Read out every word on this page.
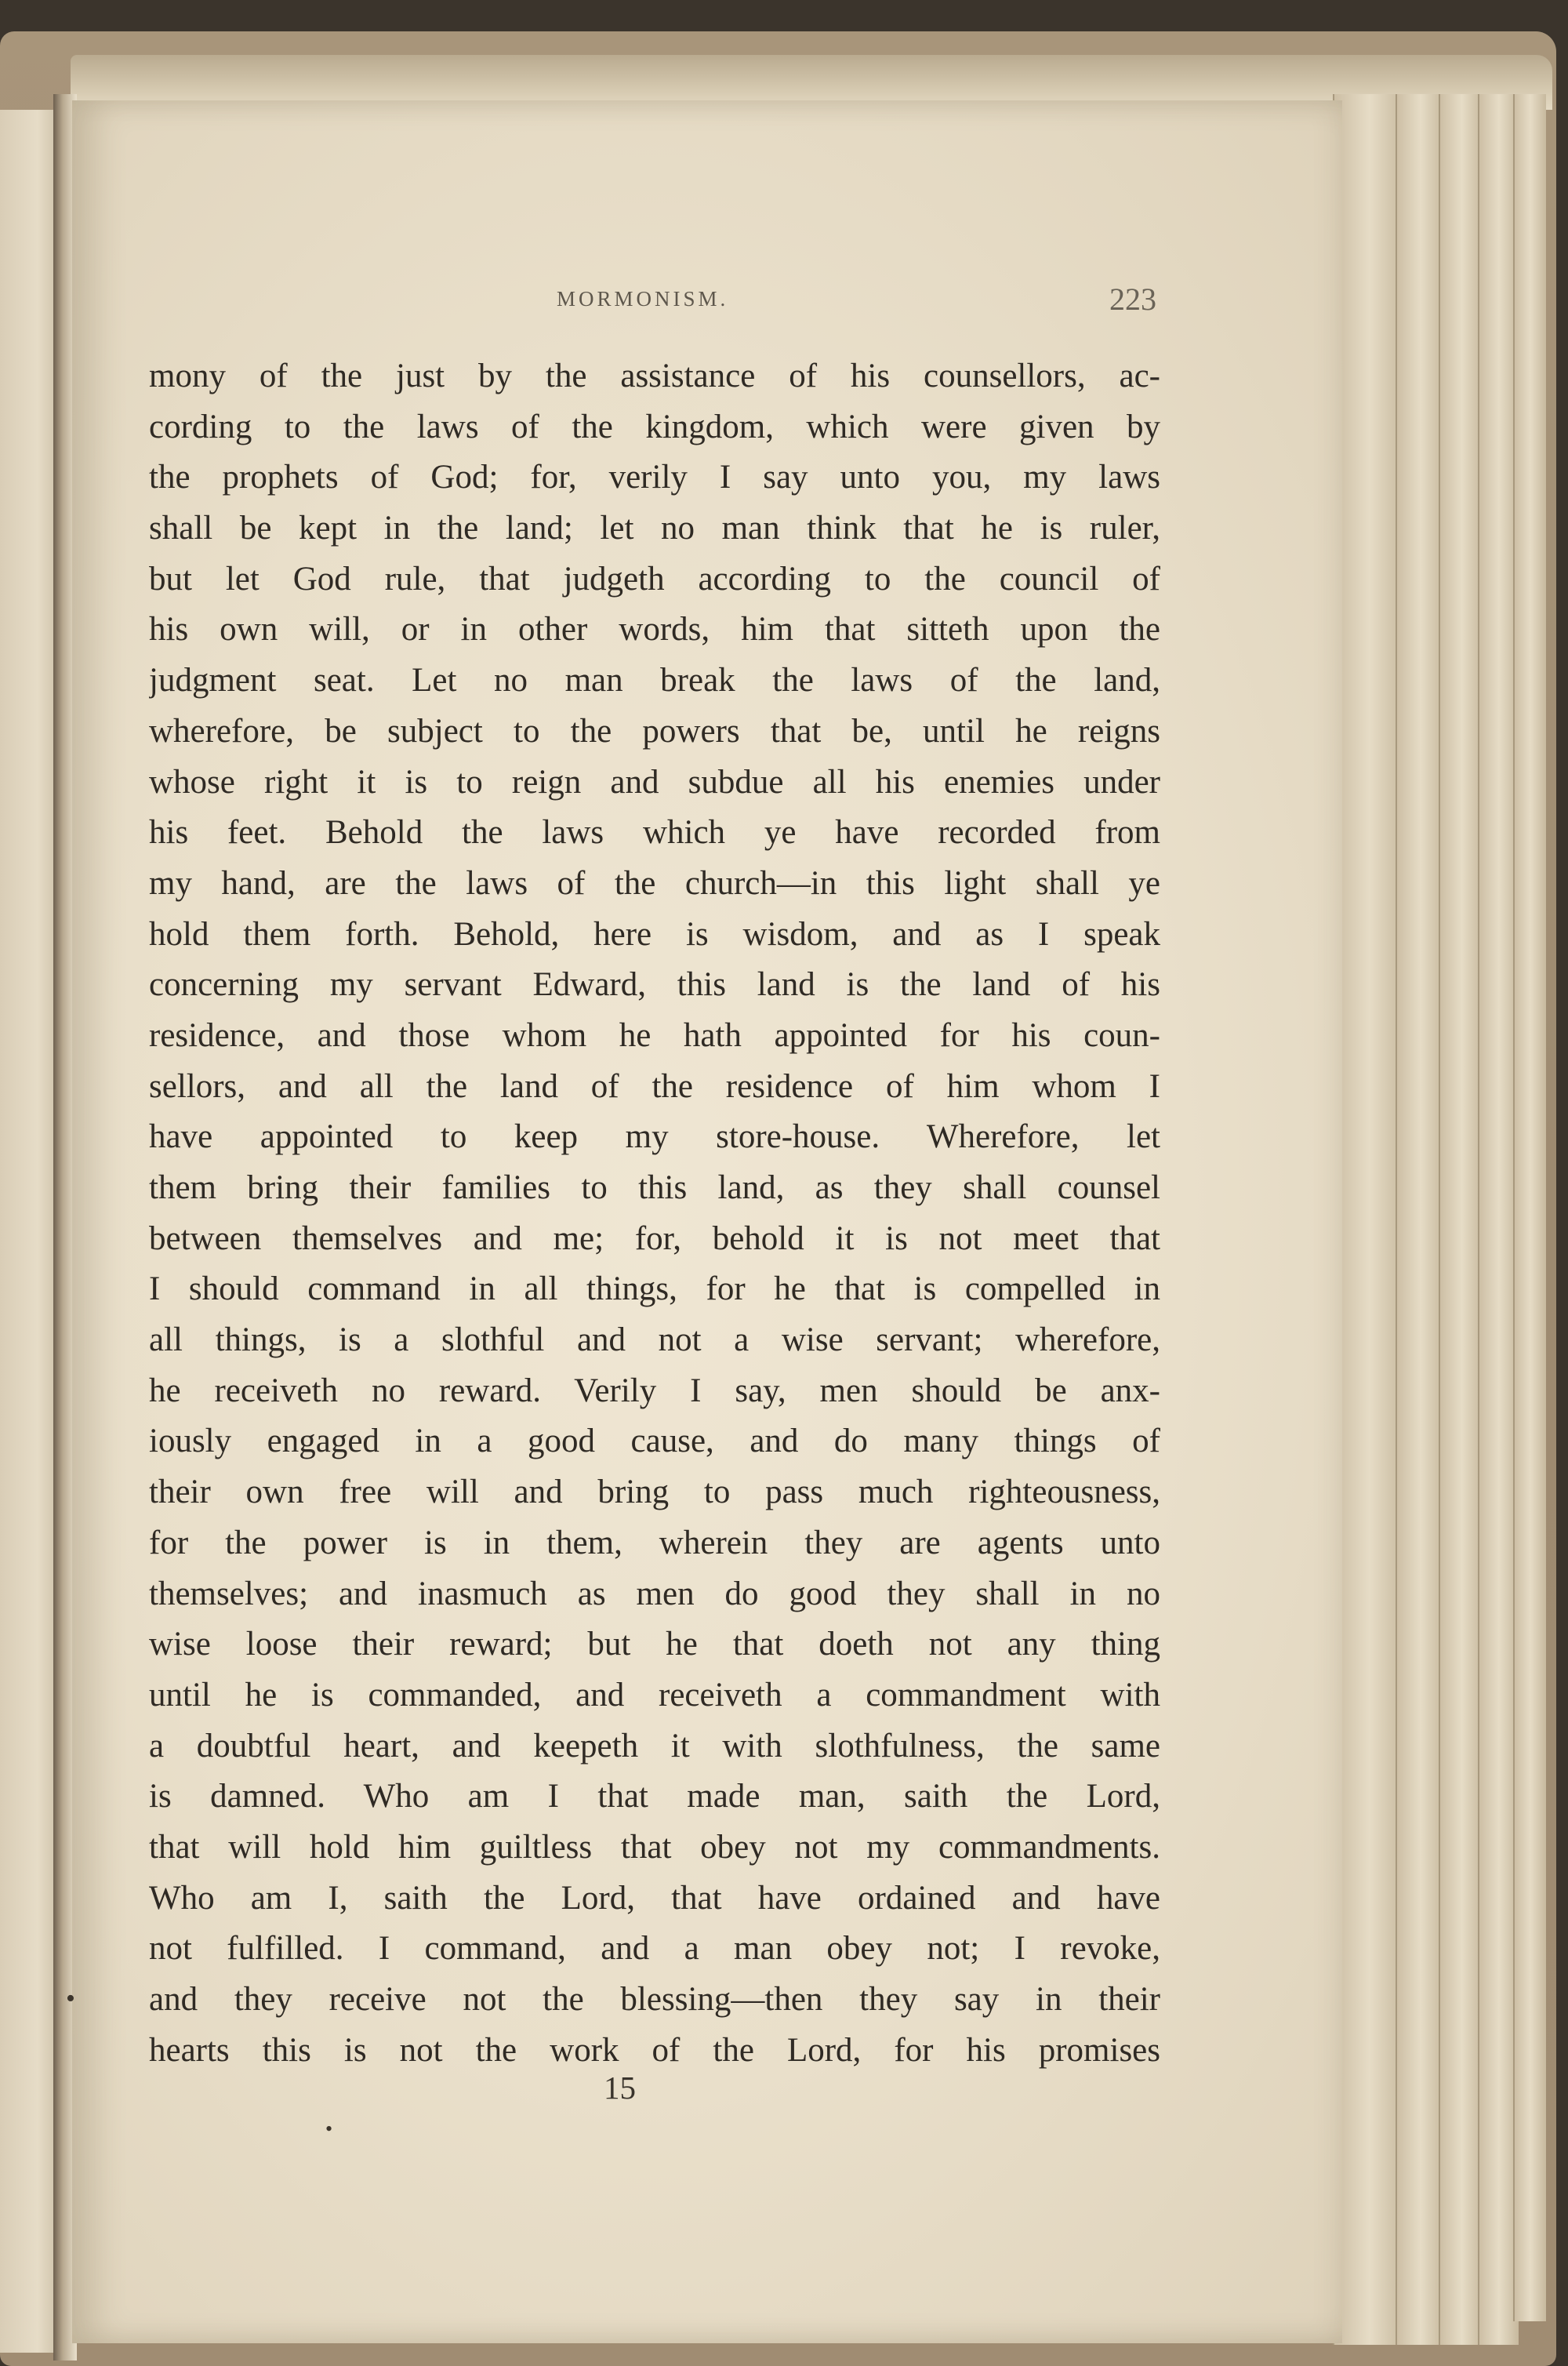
MORMONISM.	223
mony of the just by the assistance of his counsellors, ac-
cording to the laws of the kingdom, which were given by
the prophets of God; for, verily I say unto you, my laws
shall be kept in the land; let no man think that he is ruler,
but let God rule, that judgeth according to the council of
his own will, or in other words, him that sitteth upon the
judgment seat. Let no man break the laws of the land,
wherefore, be subject to the powers that be, until he reigns
whose right it is to reign and subdue all his enemies under
his feet. Behold the laws which ye have recorded from
my hand, are the laws of the church—in this light shall ye
hold them forth. Behold, here is wisdom, and as I speak
concerning my servant Edward, this land is the land of his
residence, and those whom he hath appointed for his coun-
sellors, and all the land of the residence of him whom I
have appointed to keep my store-house. Wherefore, let
them bring their families to this land, as they shall counsel
between themselves and me; for, behold it is not meet that
I should command in all things, for he that is compelled in
all things, is a slothful and not a wise servant; wherefore,
he receiveth no reward. Verily I say, men should be anx-
iously engaged in a good cause, and do many things of
their own free will and bring to pass much righteousness,
for the power is in them, wherein they are agents unto
themselves; and inasmuch as men do good they shall in no
wise loose their reward; but he that doeth not any thing
until he is commanded, and receiveth a commandment with
a doubtful heart, and keepeth it with slothfulness, the same
is damned. Who am I that made man, saith the Lord,
that will hold him guiltless that obey not my commandments.
Who am I, saith the Lord, that have ordained and have
not fulfilled. I command, and a man obey not; I revoke,
and they receive not the blessing—then they say in their
hearts this is not the work of the Lord, for his promises
15
•
•
